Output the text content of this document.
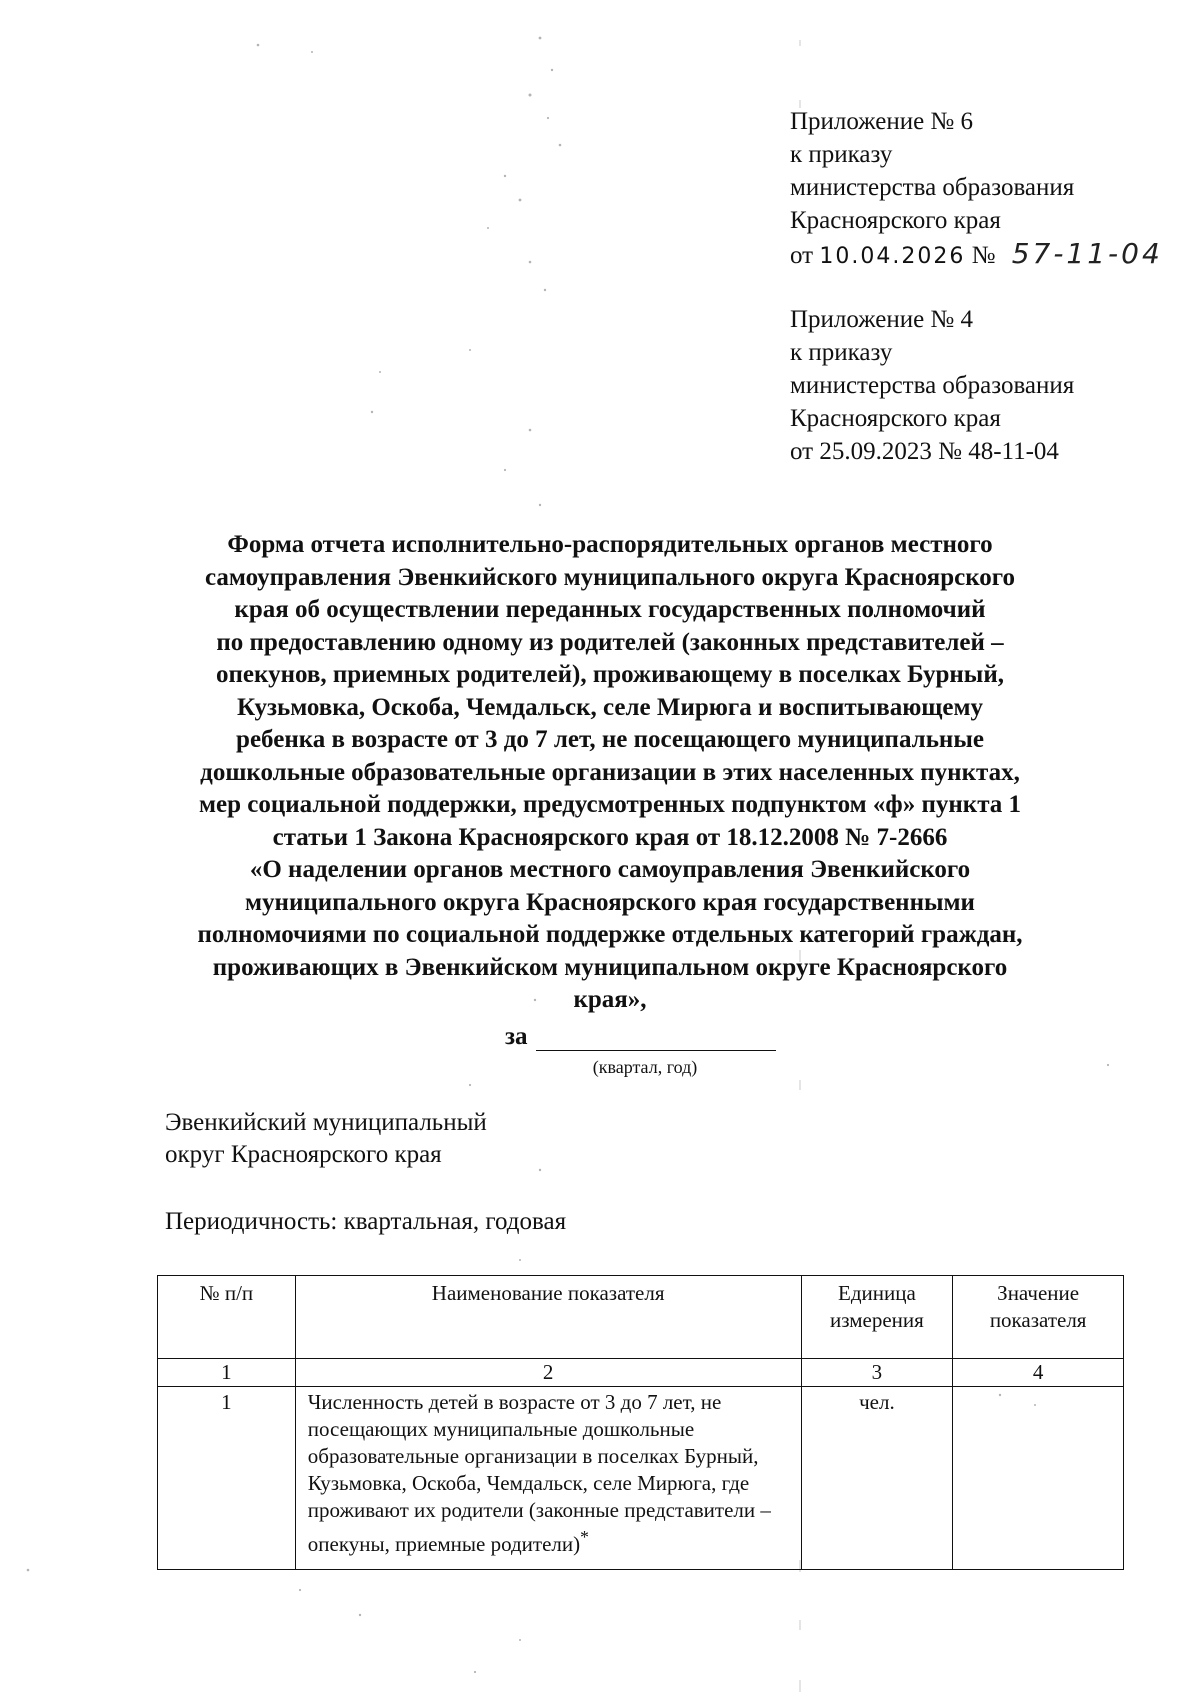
Приложение № 6
к приказу
министерства образования
Красноярского края
от 10.04.2026 № 57-11-04
Приложение № 4
к приказу
министерства образования
Красноярского края
от 25.09.2023 № 48-11-04
Форма отчета исполнительно-распорядительных органов местного
самоуправления Эвенкийского муниципального округа Красноярского
края об осуществлении переданных государственных полномочий
по предоставлению одному из родителей (законных представителей –
опекунов, приемных родителей), проживающему в поселках Бурный,
Кузьмовка, Оскоба, Чемдальск, селе Мирюга и воспитывающему
ребенка в возрасте от 3 до 7 лет, не посещающего муниципальные
дошкольные образовательные организации в этих населенных пунктах,
мер социальной поддержки, предусмотренных подпунктом «ф» пункта 1
статьи 1 Закона Красноярского края от 18.12.2008 № 7-2666
«О наделении органов местного самоуправления Эвенкийского
муниципального округа Красноярского края государственными
полномочиями по социальной поддержке отдельных категорий граждан,
проживающих в Эвенкийском муниципальном округе Красноярского
края»,
за
(квартал, год)
Эвенкийский муниципальный
округ Красноярского края
Периодичность: квартальная, годовая
№ п/п	Наименование показателя	Единица измерения	Значение показателя
1	2	3	4
1	Численность детей в возрасте от 3 до 7 лет, не посещающих муниципальные дошкольные образовательные организации в поселках Бурный, Кузьмовка, Оскоба, Чемдальск, селе Мирюга, где проживают их родители (законные представители – опекуны, приемные родители)*	чел.	
